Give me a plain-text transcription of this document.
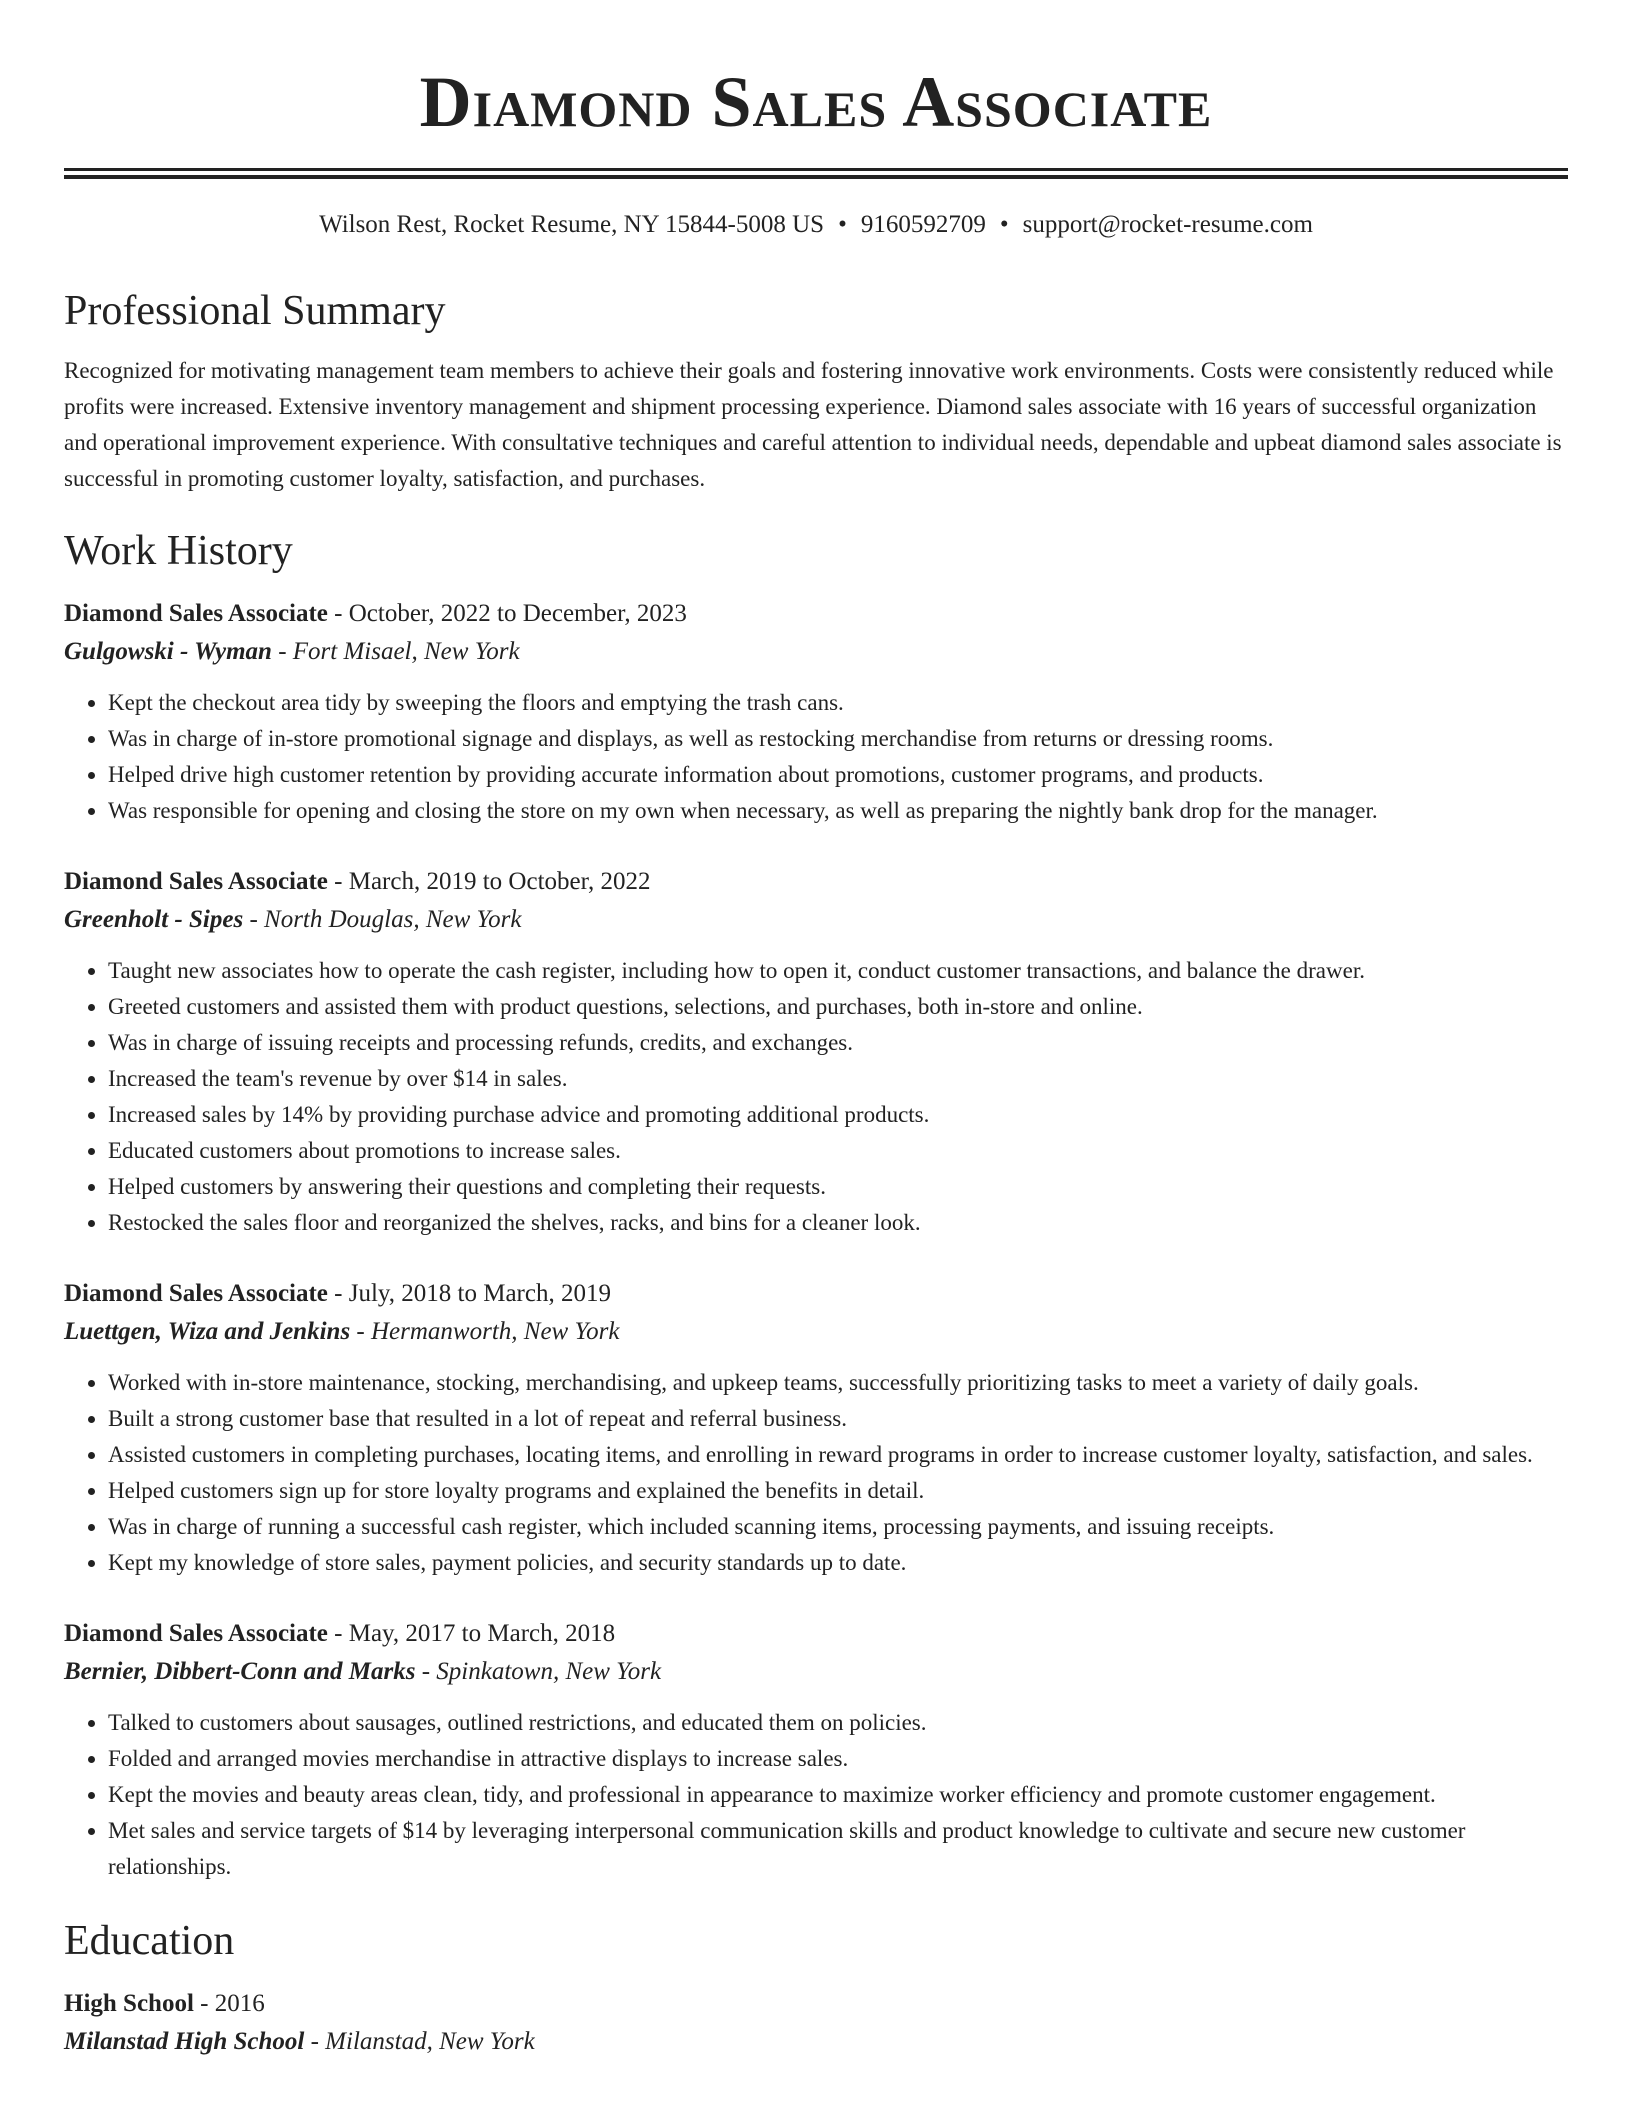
Diamond Sales Associate
Wilson Rest, Rocket Resume, NY 15844-5008 US • 9160592709 • support@rocket-resume.com
Professional Summary
Recognized for motivating management team members to achieve their goals and fostering innovative work environments. Costs were consistently reduced while profits were increased. Extensive inventory management and shipment processing experience. Diamond sales associate with 16 years of successful organization and operational improvement experience. With consultative techniques and careful attention to individual needs, dependable and upbeat diamond sales associate is successful in promoting customer loyalty, satisfaction, and purchases.
Work History
Diamond Sales Associate - October, 2022 to December, 2023
Gulgowski - Wyman - Fort Misael, New York
• Kept the checkout area tidy by sweeping the floors and emptying the trash cans.
• Was in charge of in-store promotional signage and displays, as well as restocking merchandise from returns or dressing rooms.
• Helped drive high customer retention by providing accurate information about promotions, customer programs, and products.
• Was responsible for opening and closing the store on my own when necessary, as well as preparing the nightly bank drop for the manager.
Diamond Sales Associate - March, 2019 to October, 2022
Greenholt - Sipes - North Douglas, New York
• Taught new associates how to operate the cash register, including how to open it, conduct customer transactions, and balance the drawer.
• Greeted customers and assisted them with product questions, selections, and purchases, both in-store and online.
• Was in charge of issuing receipts and processing refunds, credits, and exchanges.
• Increased the team's revenue by over $14 in sales.
• Increased sales by 14% by providing purchase advice and promoting additional products.
• Educated customers about promotions to increase sales.
• Helped customers by answering their questions and completing their requests.
• Restocked the sales floor and reorganized the shelves, racks, and bins for a cleaner look.
Diamond Sales Associate - July, 2018 to March, 2019
Luettgen, Wiza and Jenkins - Hermanworth, New York
• Worked with in-store maintenance, stocking, merchandising, and upkeep teams, successfully prioritizing tasks to meet a variety of daily goals.
• Built a strong customer base that resulted in a lot of repeat and referral business.
• Assisted customers in completing purchases, locating items, and enrolling in reward programs in order to increase customer loyalty, satisfaction, and sales.
• Helped customers sign up for store loyalty programs and explained the benefits in detail.
• Was in charge of running a successful cash register, which included scanning items, processing payments, and issuing receipts.
• Kept my knowledge of store sales, payment policies, and security standards up to date.
Diamond Sales Associate - May, 2017 to March, 2018
Bernier, Dibbert-Conn and Marks - Spinkatown, New York
• Talked to customers about sausages, outlined restrictions, and educated them on policies.
• Folded and arranged movies merchandise in attractive displays to increase sales.
• Kept the movies and beauty areas clean, tidy, and professional in appearance to maximize worker efficiency and promote customer engagement.
• Met sales and service targets of $14 by leveraging interpersonal communication skills and product knowledge to cultivate and secure new customer relationships.
Education
High School - 2016
Milanstad High School - Milanstad, New York
